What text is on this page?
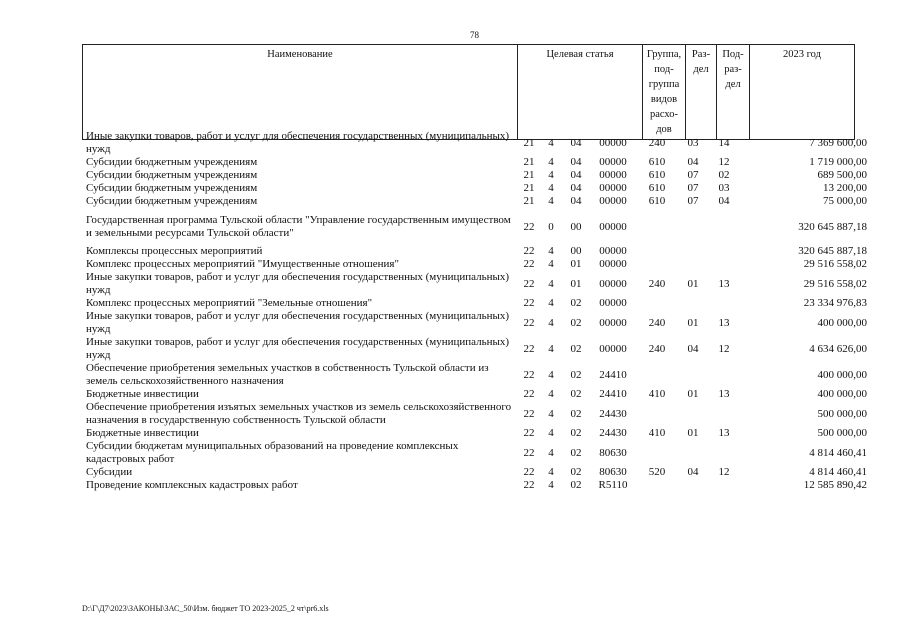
78
Наименование	Целевая статья	Группа, под-группа видов расхо-дов	Раз-дел	Под-раз-дел	2023 год
Иные закупки товаров, работ и услуг для обеспечения государственных (муниципальных) нужд	21	4	04	00000	240	03	14	7 369 600,00
Субсидии бюджетным учреждениям	21	4	04	00000	610	04	12	1 719 000,00
Субсидии бюджетным учреждениям	21	4	04	00000	610	07	02	689 500,00
Субсидии бюджетным учреждениям	21	4	04	00000	610	07	03	13 200,00
Субсидии бюджетным учреждениям	21	4	04	00000	610	07	04	75 000,00
Государственная программа Тульской области "Управление государственным имуществом и земельными ресурсами Тульской области"	22	0	00	00000				320 645 887,18
Комплексы процессных мероприятий	22	4	00	00000				320 645 887,18
Комплекс процессных мероприятий "Имущественные отношения"	22	4	01	00000				29 516 558,02
Иные закупки товаров, работ и услуг для обеспечения государственных (муниципальных) нужд	22	4	01	00000	240	01	13	29 516 558,02
Комплекс процессных мероприятий "Земельные отношения"	22	4	02	00000				23 334 976,83
Иные закупки товаров, работ и услуг для обеспечения государственных (муниципальных) нужд	22	4	02	00000	240	01	13	400 000,00
Иные закупки товаров, работ и услуг для обеспечения государственных (муниципальных) нужд	22	4	02	00000	240	04	12	4 634 626,00
Обеспечение приобретения земельных участков в собственность Тульской области из земель сельскохозяйственного назначения	22	4	02	24410				400 000,00
Бюджетные инвестиции	22	4	02	24410	410	01	13	400 000,00
Обеспечение приобретения изъятых земельных участков из земель сельскохозяйственного назначения в государственную собственность Тульской области	22	4	02	24430				500 000,00
Бюджетные инвестиции	22	4	02	24430	410	01	13	500 000,00
Субсидии бюджетам муниципальных образований на проведение комплексных кадастровых работ	22	4	02	80630				4 814 460,41
Субсидии	22	4	02	80630	520	04	12	4 814 460,41
Проведение комплексных кадастровых работ	22	4	02	R5110				12 585 890,42
D:\Г\Д7\2023\ЗАКОНЫ\ЗАС_50\Изм. бюджет ТО 2023-2025_2 чт\pr6.xls
